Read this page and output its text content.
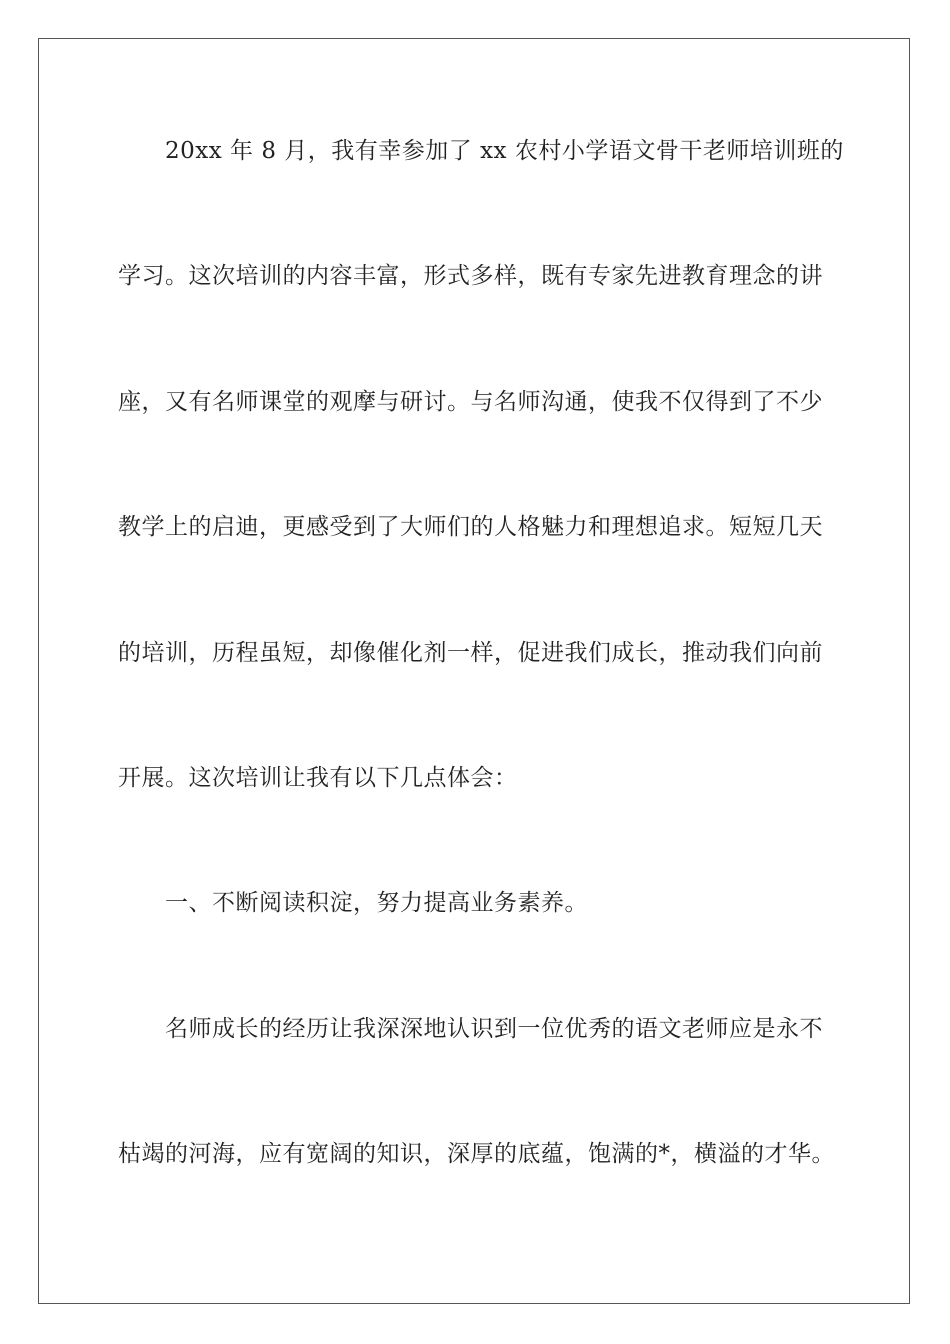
20xx 年 8 月，我有幸参加了 xx 农村小学语文骨干老师培训班的
学习。这次培训的内容丰富，形式多样，既有专家先进教育理念的讲
座，又有名师课堂的观摩与研讨。与名师沟通，使我不仅得到了不少
教学上的启迪，更感受到了大师们的人格魅力和理想追求。短短几天
的培训，历程虽短，却像催化剂一样，促进我们成长，推动我们向前
开展。这次培训让我有以下几点体会：
一、不断阅读积淀，努力提高业务素养。
名师成长的经历让我深深地认识到一位优秀的语文老师应是永不
枯竭的河海，应有宽阔的知识，深厚的底蕴，饱满的*，横溢的才华。
